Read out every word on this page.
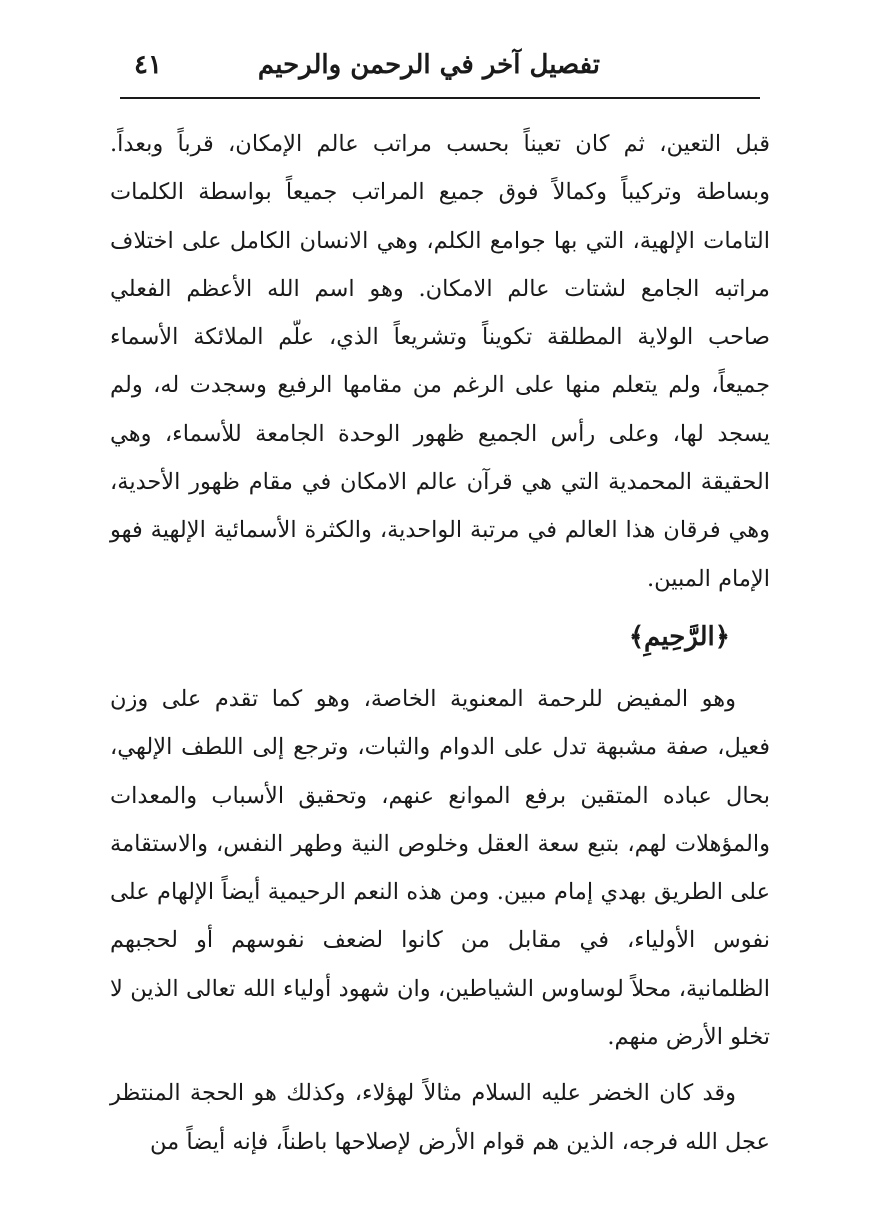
تفصيل آخر في الرحمن والرحيم
٤١

قبل التعين، ثم كان تعيناً بحسب مراتب عالم الإمكان، قرباً وبعداً. وبساطة وتركيباً وكمالاً فوق جميع المراتب جميعاً بواسطة الكلمات التامات الإلهية، التي بها جوامع الكلم، وهي الانسان الكامل على اختلاف مراتبه الجامع لشتات عالم الامكان. وهو اسم الله الأعظم الفعلي صاحب الولاية المطلقة تكويناً وتشريعاً الذي، علّم الملائكة الأسماء جميعاً، ولم يتعلم منها على الرغم من مقامها الرفيع وسجدت له، ولم يسجد لها، وعلى رأس الجميع ظهور الوحدة الجامعة للأسماء، وهي الحقيقة المحمدية التي هي قرآن عالم الامكان في مقام ظهور الأحدية، وهي فرقان هذا العالم في مرتبة الواحدية، والكثرة الأسمائية الإلهية فهو الإمام المبين.

﴿الرَّحِيمِ﴾

وهو المفيض للرحمة المعنوية الخاصة، وهو كما تقدم على وزن فعيل، صفة مشبهة تدل على الدوام والثبات، وترجع إلى اللطف الإلهي، بحال عباده المتقين برفع الموانع عنهم، وتحقيق الأسباب والمعدات والمؤهلات لهم، بتبع سعة العقل وخلوص النية وطهر النفس، والاستقامة على الطريق بهدي إمام مبين. ومن هذه النعم الرحيمية أيضاً الإلهام على نفوس الأولياء، في مقابل من كانوا لضعف نفوسهم أو لحجبهم الظلمانية، محلاً لوساوس الشياطين، وان شهود أولياء الله تعالى الذين لا تخلو الأرض منهم.

وقد كان الخضر عليه السلام مثالاً لهؤلاء، وكذلك هو الحجة المنتظر عجل الله فرجه، الذين هم قوام الأرض لإصلاحها باطناً، فإنه أيضاً من
